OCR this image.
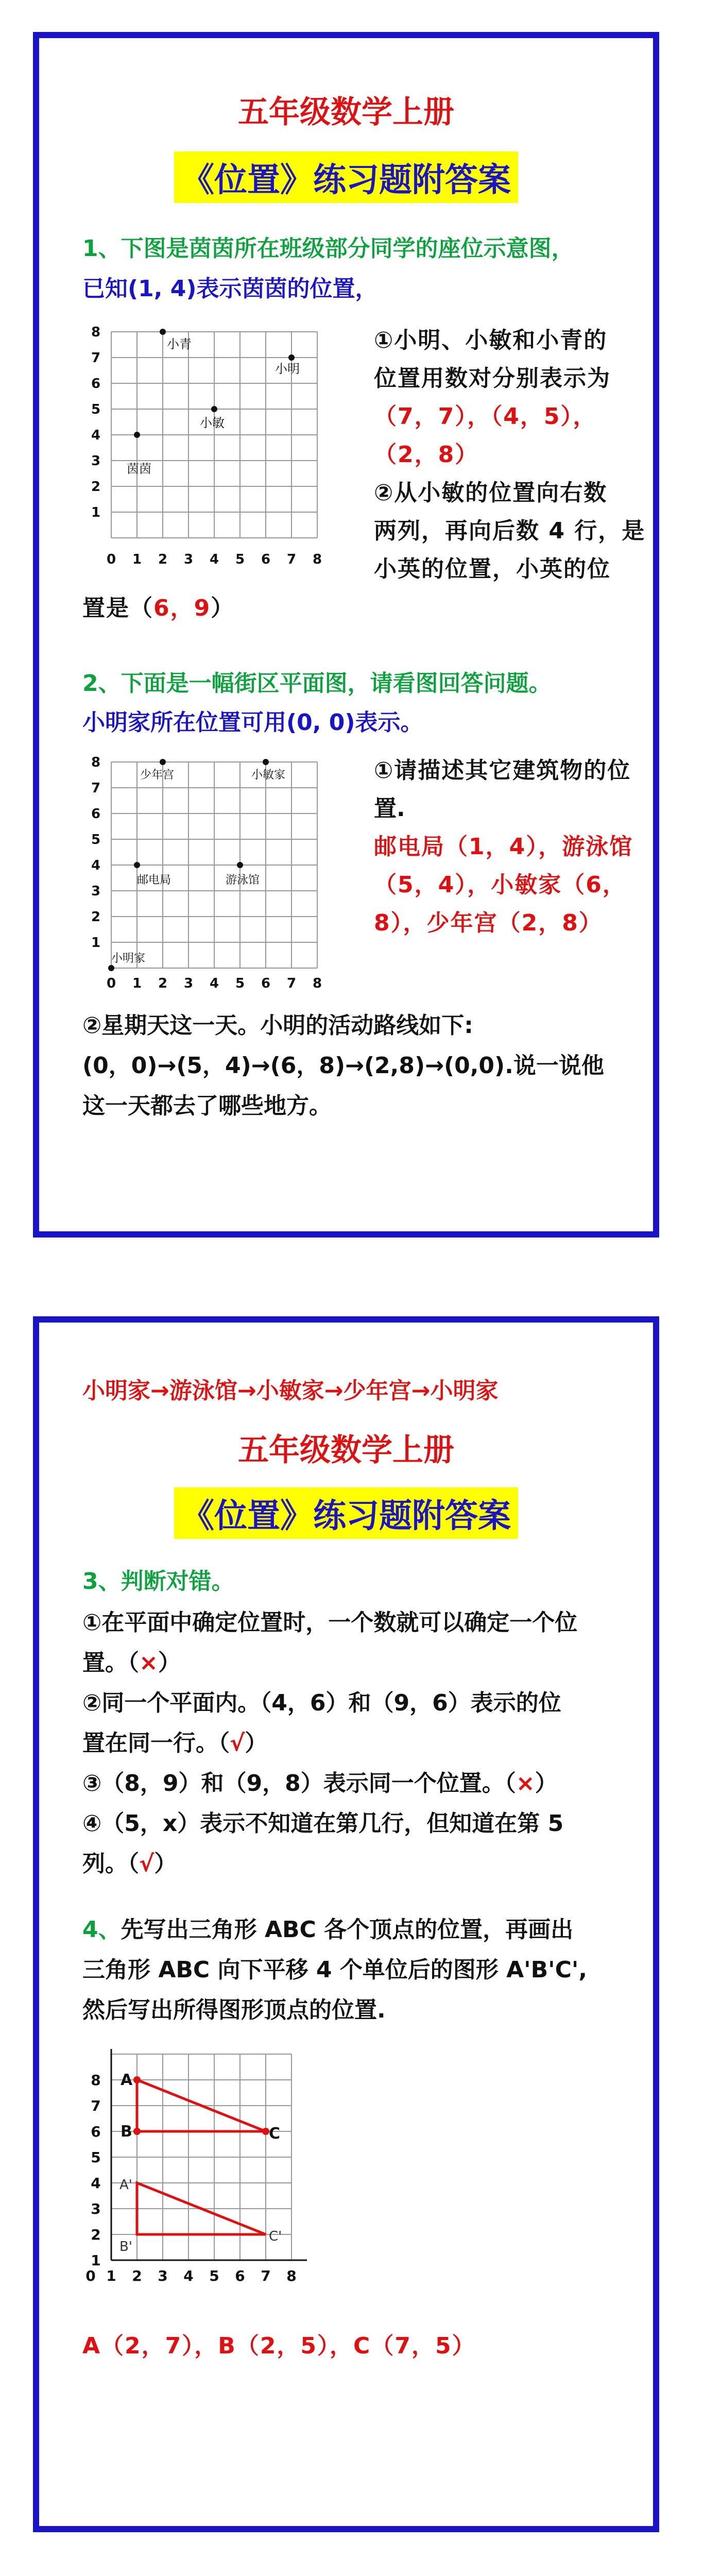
五年级数学上册
《位置》练习题附答案
1、下图是茵茵所在班级部分同学的座位示意图，
已知(1, 4)表示茵茵的位置，
0 1 2 3 4 5 6 7 8
1
2
3
4
5
6
7
8
小青
小明
小敏
茵茵
①小明、小敏和小青的
位置用数对分别表示为
（7，7），（4，5），
（2，8）
②从小敏的位置向右数
两列，再向后数 4 行，是
小英的位置，小英的位
置是（6，9）
2、下面是一幅街区平面图，请看图回答问题。
小明家所在位置可用(0, 0)表示。
0 1 2 3 4 5 6 7 8
1
2
3
4
5
6
7
8
少年宫	小敏家
邮电局	游泳馆
小明家
①请描述其它建筑物的位
置.
邮电局（1，4），游泳馆
（5，4），小敏家（6，
8），少年宫（2，8）
②星期天这一天。小明的活动路线如下:
(0，0)→(5，4)→(6，8)→(2,8)→(0,0).说一说他
这一天都去了哪些地方。
小明家→游泳馆→小敏家→少年宫→小明家
五年级数学上册
《位置》练习题附答案
3、判断对错。
①在平面中确定位置时，一个数就可以确定一个位
置。（×）
②同一个平面内。（4，6）和（9，6）表示的位
置在同一行。（√）
③（8，9）和（9，8）表示同一个位置。（×）
④（5，x）表示不知道在第几行，但知道在第 5
列。（√）
4、先写出三角形 ABC 各个顶点的位置，再画出
三角形 ABC 向下平移 4 个单位后的图形 A'B'C',
然后写出所得图形顶点的位置.
0 1 2 3 4 5 6 7 8
1
2
3
4
5
6
7
8 A
B	C
A'
B'
C'
A（2，7），B（2，5），C（7，5）
